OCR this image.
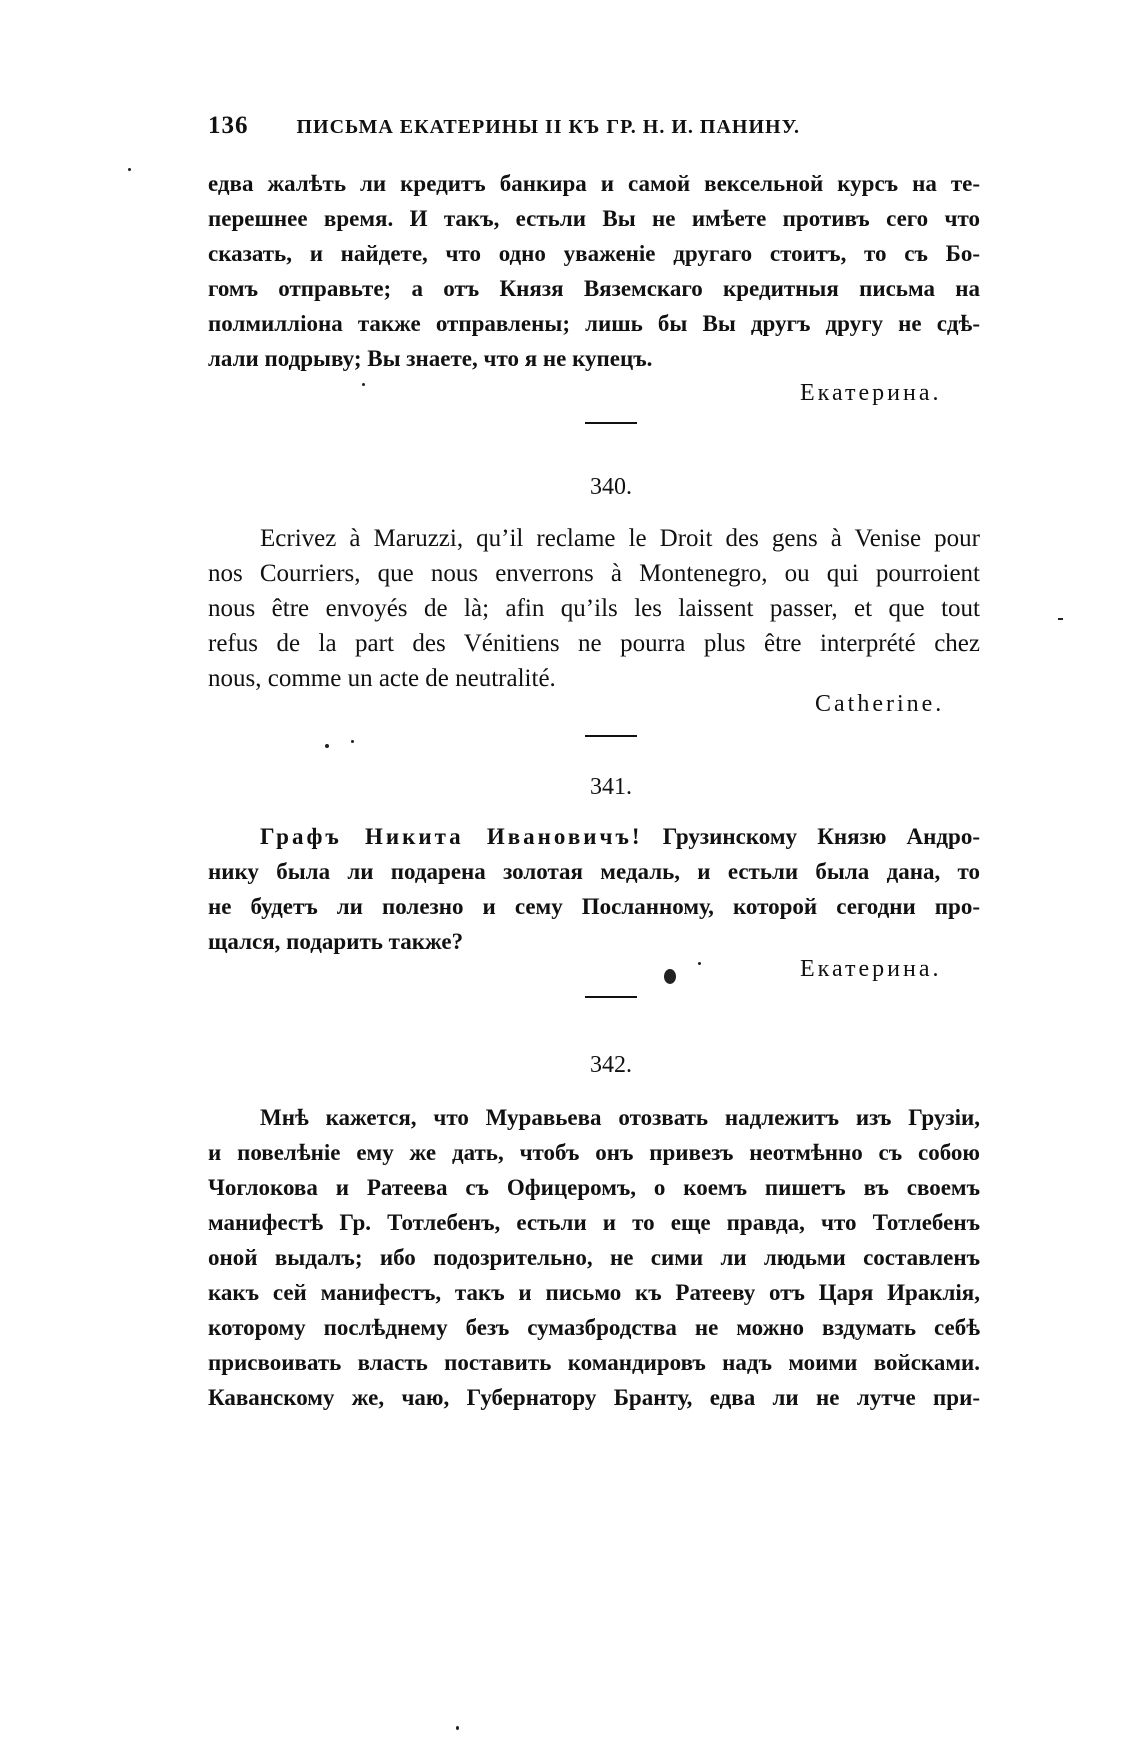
136 ПИСЬМА ЕКАТЕРИНЫ II КЪ ГР. Н. И. ПАНИНУ.
едва жалѣть ли кредитъ банкира и самой вексельной курсъ на те-
перешнее время. И такъ, естьли Вы не имѣете противъ сего что
сказать, и найдете, что одно уваженіе другаго стоитъ, то съ Бо-
гомъ отправьте; а отъ Князя Вяземскаго кредитныя письма на
полмилліона также отправлены; лишь бы Вы другъ другу не сдѣ-
лали подрыву; Вы знаете, что я не купецъ.
Екатерина.
340.
Ecrivez à Maruzzi, qu’il reclame le Droit des gens à Venise pour
nos Courriers, que nous enverrons à Montenegro, ou qui pourroient
nous être envoyés de là; afin qu’ils les laissent passer, et que tout
refus de la part des Vénitiens ne pourra plus être interprété chez
nous, comme un acte de neutralité.
Catherine.
341.
Графъ Никита Ивановичъ! Грузинскому Князю Андро-
нику была ли подарена золотая медаль, и естьли была дана, то
не будетъ ли полезно и сему Посланному, которой сегодни про-
щался, подарить также?
Екатерина.
342.
Мнѣ кажется, что Муравьева отозвать надлежитъ изъ Грузіи,
и повелѣніе ему же дать, чтобъ онъ привезъ неотмѣнно съ собою
Чоглокова и Ратеева съ Офицеромъ, о коемъ пишетъ въ своемъ
манифестѣ Гр. Тотлебенъ, естьли и то еще правда, что Тотлебенъ
оной выдалъ; ибо подозрительно, не сими ли людьми составленъ
какъ сей манифестъ, такъ и письмо къ Ратееву отъ Царя Ираклія,
которому послѣднему безъ сумазбродства не можно вздумать себѣ
присвоивать власть поставить командировъ надъ моими войсками.
Каванскому же, чаю, Губернатору Бранту, едва ли не лутче при-
